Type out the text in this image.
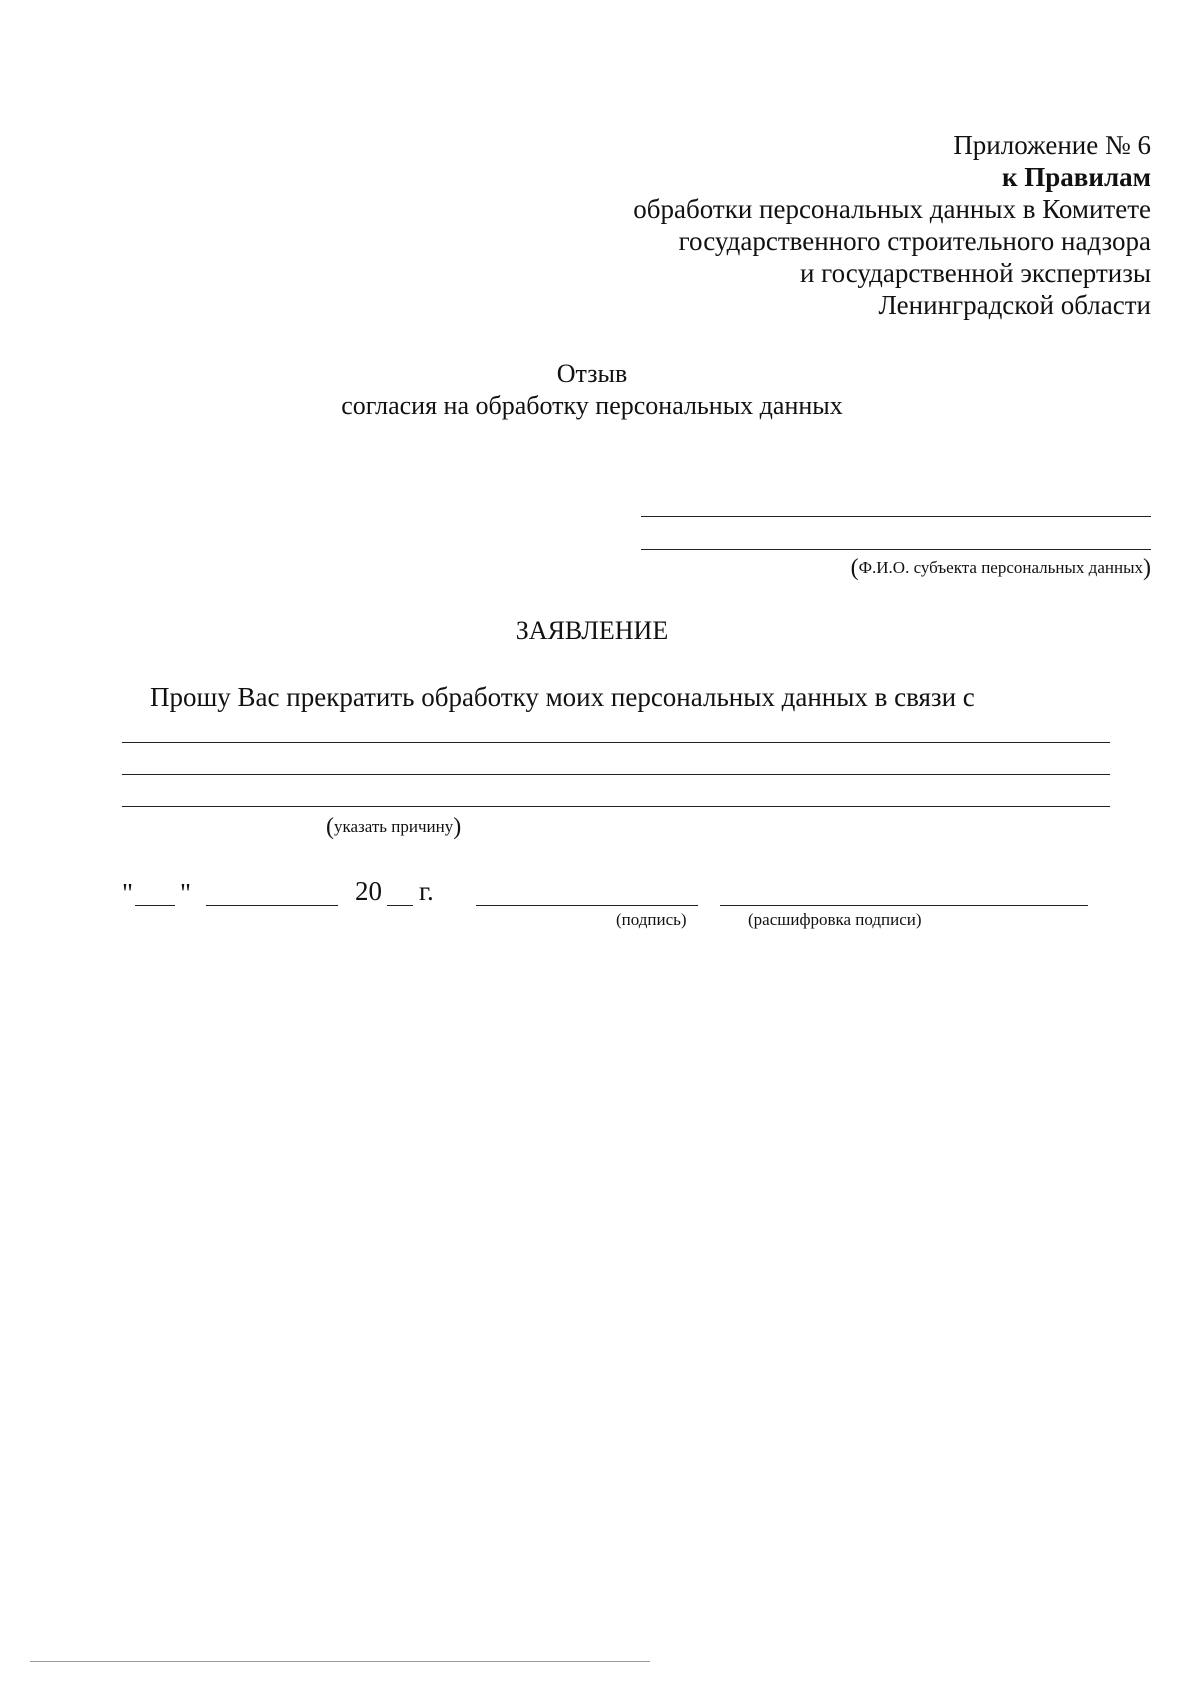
Приложение № 6
к Правилам
обработки персональных данных в Комитете
государственного строительного надзора
и государственной экспертизы
Ленинградской области
Отзыв
согласия на обработку персональных данных
(Ф.И.О. субъекта персональных данных)
ЗАЯВЛЕНИЕ
Прошу Вас прекратить обработку моих персональных данных в связи с
(указать причину)
" "	20 г.
(подпись)	(расшифровка подписи)
